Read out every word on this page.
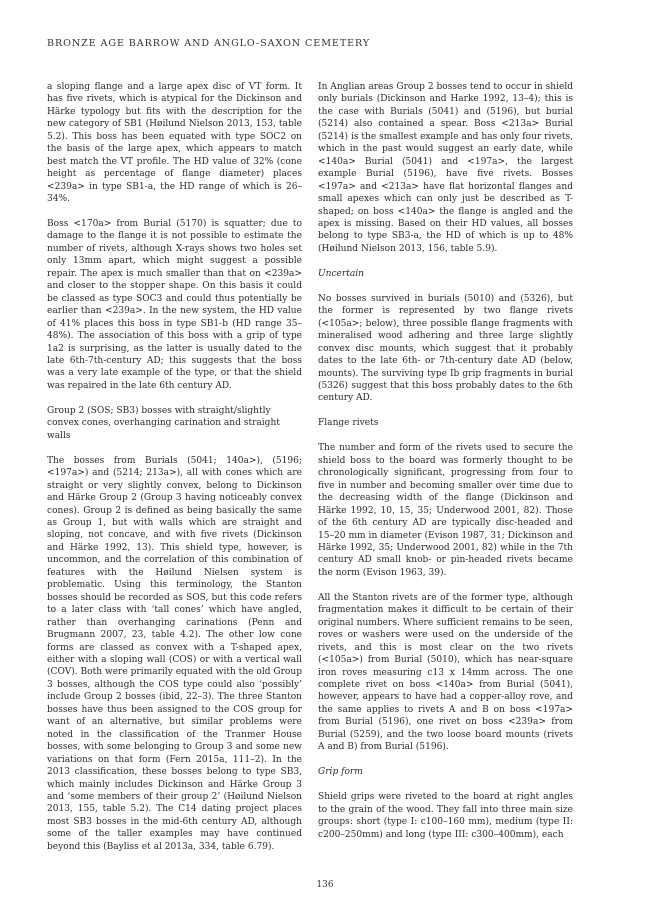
BRONZE AGE BARROW AND ANGLO-SAXON CEMETERY

a sloping flange and a large apex disc of VT form. It has five rivets, which is atypical for the Dickinson and Härke typology but fits with the description for the new category of SB1 (Høilund Nielson 2013, 153, table 5.2). This boss has been equated with type SOC2 on the basis of the large apex, which appears to match best match the VT profile. The HD value of 32% (cone height as percentage of flange diameter) places <239a> in type SB1-a, the HD range of which is 26–34%.

Boss <170a> from Burial (5170) is squatter; due to damage to the flange it is not possible to estimate the number of rivets, although X-rays shows two holes set only 13mm apart, which might suggest a possible repair. The apex is much smaller than that on <239a> and closer to the stopper shape. On this basis it could be classed as type SOC3 and could thus potentially be earlier than <239a>. In the new system, the HD value of 41% places this boss in type SB1-b (HD range 35–48%). The association of this boss with a grip of type 1a2 is surprising, as the latter is usually dated to the late 6th-7th-century AD; this suggests that the boss was a very late example of the type, or that the shield was repaired in the late 6th century AD.

Group 2 (SOS; SB3) bosses with straight/slightly convex cones, overhanging carination and straight walls

The bosses from Burials (5041; 140a>), (5196; <197a>) and (5214; 213a>), all with cones which are straight or very slightly convex, belong to Dickinson and Härke Group 2 (Group 3 having noticeably convex cones). Group 2 is defined as being basically the same as Group 1, but with walls which are straight and sloping, not concave, and with five rivets (Dickinson and Härke 1992, 13). This shield type, however, is uncommon, and the correlation of this combination of features with the Høilund Nielsen system is problematic. Using this terminology, the Stanton bosses should be recorded as SOS, but this code refers to a later class with ‘tall cones’ which have angled, rather than overhanging carinations (Penn and Brugmann 2007, 23, table 4.2). The other low cone forms are classed as convex with a T-shaped apex, either with a sloping wall (COS) or with a vertical wall (COV). Both were primarily equated with the old Group 3 bosses, although the COS type could also ‘possibly’ include Group 2 bosses (ibid, 22–3). The three Stanton bosses have thus been assigned to the COS group for want of an alternative, but similar problems were noted in the classification of the Tranmer House bosses, with some belonging to Group 3 and some new variations on that form (Fern 2015a, 111–2). In the 2013 classification, these bosses belong to type SB3, which mainly includes Dickinson and Härke Group 3 and ‘some members of their group 2’ (Høilund Nielson 2013, 155, table 5.2). The C14 dating project places most SB3 bosses in the mid-6th century AD, although some of the taller examples may have continued beyond this (Bayliss et al 2013a, 334, table 6.79).

In Anglian areas Group 2 bosses tend to occur in shield only burials (Dickinson and Harke 1992, 13–4); this is the case with Burials (5041) and (5196), but burial (5214) also contained a spear. Boss <213a> Burial (5214) is the smallest example and has only four rivets, which in the past would suggest an early date, while <140a> Burial (5041) and <197a>, the largest example Burial (5196), have five rivets. Bosses <197a> and <213a> have flat horizontal flanges and small apexes which can only just be described as T-shaped; on boss <140a> the flange is angled and the apex is missing. Based on their HD values, all bosses belong to type SB3-a, the HD of which is up to 48% (Høilund Nielson 2013, 156, table 5.9).

Uncertain

No bosses survived in burials (5010) and (5326), but the former is represented by two flange rivets (<105a>; below), three possible flange fragments with mineralised wood adhering and three large slightly convex disc mounts, which suggest that it probably dates to the late 6th- or 7th-century date AD (below, mounts). The surviving type Ib grip fragments in burial (5326) suggest that this boss probably dates to the 6th century AD.

Flange rivets

The number and form of the rivets used to secure the shield boss to the board was formerly thought to be chronologically significant, progressing from four to five in number and becoming smaller over time due to the decreasing width of the flange (Dickinson and Härke 1992, 10, 15, 35; Underwood 2001, 82). Those of the 6th century AD are typically disc-headed and 15–20 mm in diameter (Evison 1987, 31; Dickinson and Härke 1992, 35; Underwood 2001, 82) while in the 7th century AD small knob- or pin-headed rivets became the norm (Evison 1963, 39).

All the Stanton rivets are of the former type, although fragmentation makes it difficult to be certain of their original numbers. Where sufficient remains to be seen, roves or washers were used on the underside of the rivets, and this is most clear on the two rivets (<105a>) from Burial (5010), which has near-square iron roves measuring c13 x 14mm across. The one complete rivet on boss <140a> from Burial (5041), however, appears to have had a copper-alloy rove, and the same applies to rivets A and B on boss <197a> from Burial (5196), one rivet on boss <239a> from Burial (5259), and the two loose board mounts (rivets A and B) from Burial (5196).

Grip form

Shield grips were riveted to the board at right angles to the grain of the wood. They fall into three main size groups: short (type I: c100–160 mm), medium (type II: c200–250mm) and long (type III: c300–400mm), each

136
